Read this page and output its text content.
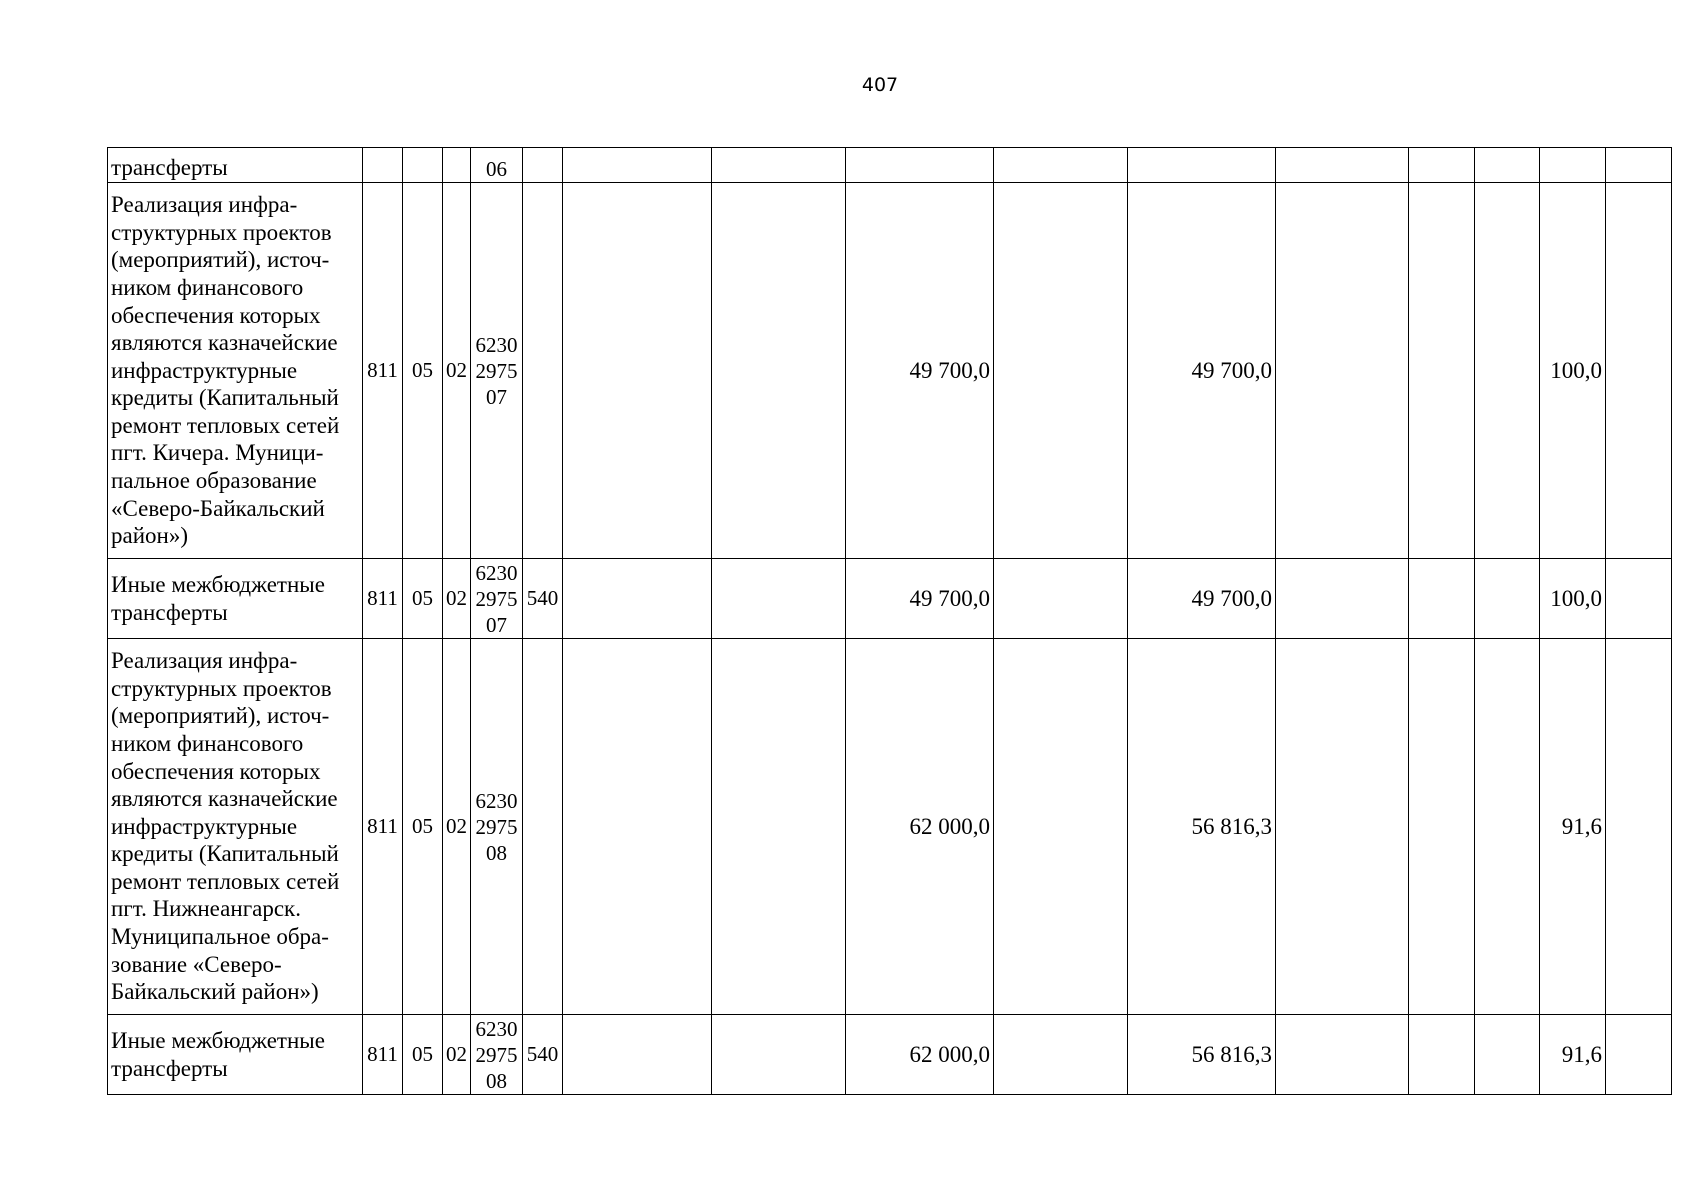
407
трансферты				06											
Реализация инфра-структурных проектов (мероприятий), источ-ником финансового обеспечения которых являются казначейские инфраструктурные кредиты (Капитальный ремонт тепловых сетей пгт. Кичера. Муници-пальное образование «Северо-Байкальский район»)	811	05	02	6230 2975 07				49 700,0		49 700,0				100,0	
Иные межбюджетные трансферты	811	05	02	6230 2975 07	540			49 700,0		49 700,0				100,0	
Реализация инфра-структурных проектов (мероприятий), источ-ником финансового обеспечения которых являются казначейские инфраструктурные кредиты (Капитальный ремонт тепловых сетей пгт. Нижнеангарск. Муниципальное обра-зование «Северо-Байкальский район»)	811	05	02	6230 2975 08				62 000,0		56 816,3				91,6	
Иные межбюджетные трансферты	811	05	02	6230 2975 08	540			62 000,0		56 816,3				91,6	
